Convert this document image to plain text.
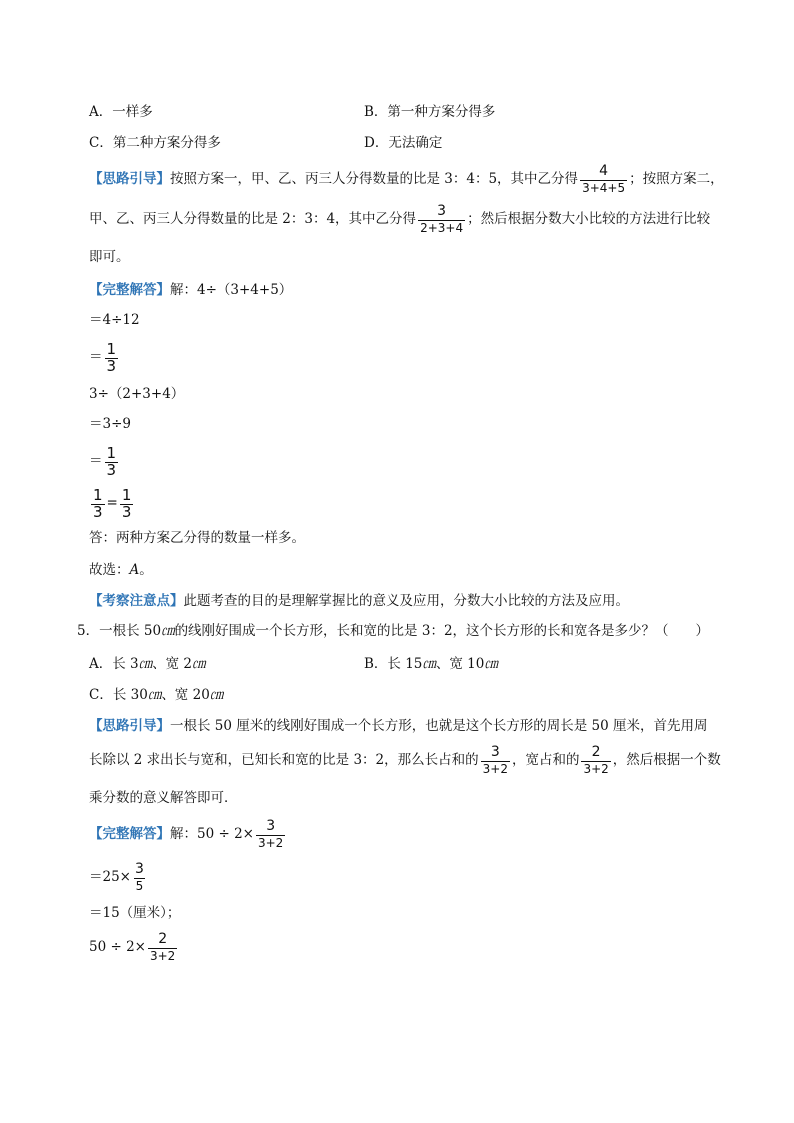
A．一样多	B．第一种方案分得多
C．第二种方案分得多	D．无法确定
【思路引导】按照方案一，甲、乙、丙三人分得数量的比是 3：4：5，其中乙分得 $\frac{4}{3+4+5}$ ；按照方案二，
甲、乙、丙三人分得数量的比是 2：3：4，其中乙分得 $\frac{3}{2+3+4}$ ；然后根据分数大小比较的方法进行比较
即可。
【完整解答】解：4÷（3+4+5）
＝4÷12
＝ $\frac{1}{3}$
3÷（2+3+4）
＝3÷9
＝ $\frac{1}{3}$
$\frac{1}{3} = \frac{1}{3}$
答：两种方案乙分得的数量一样多。
故选：A。
【考察注意点】此题考查的目的是理解掌握比的意义及应用，分数大小比较的方法及应用。
5．一根长 50㎝的线刚好围成一个长方形，长和宽的比是 3：2，这个长方形的长和宽各是多少？（　　）
A．长 3㎝、宽 2㎝	B．长 15㎝、宽 10㎝
C．长 30㎝、宽 20㎝
【思路引导】一根长 50 厘米的线刚好围成一个长方形，也就是这个长方形的周长是 50 厘米，首先用周
长除以 2 求出长与宽和，已知长和宽的比是 3：2，那么长占和的 $\frac{3}{3+2}$ ，宽占和的 $\frac{2}{3+2}$ ，然后根据一个数
乘分数的意义解答即可．
【完整解答】解：$50 \div 2\times \frac{3}{3+2}$
$=25\times \frac{3}{5}$
＝15（厘米）；
$50 \div 2\times \frac{2}{3+2}$
